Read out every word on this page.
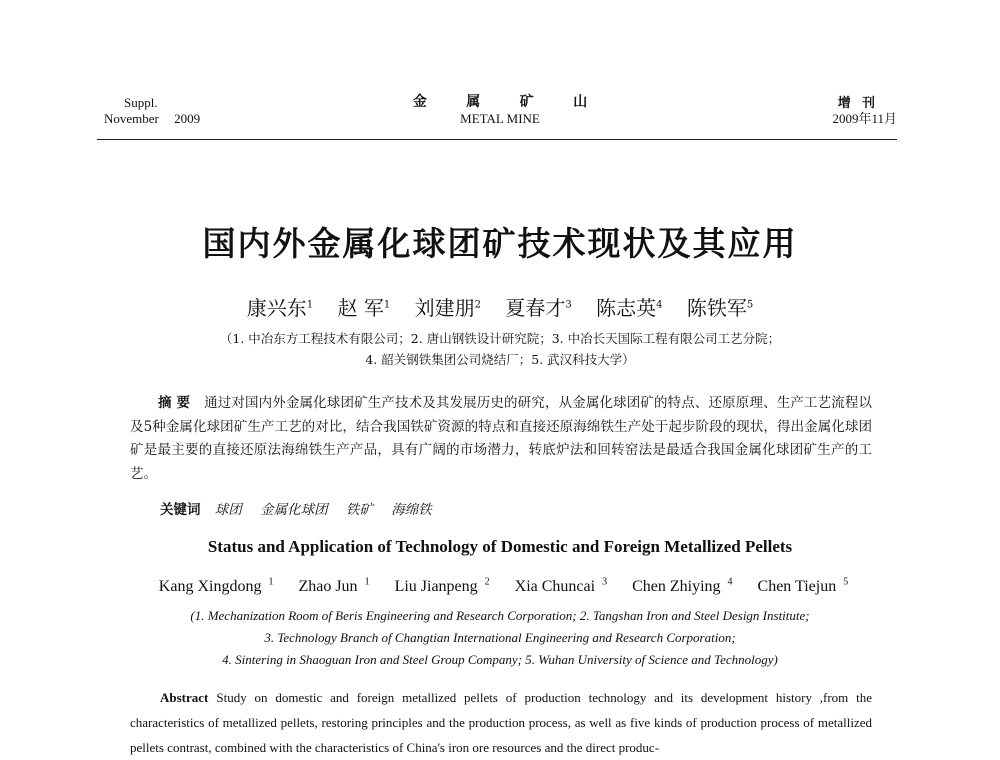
Suppl.
November 2009
金 属 矿 山
METAL MINE
增 刊
2009年11月
国内外金属化球团矿技术现状及其应用
康兴东$^1$ 赵 军$^1$ 刘建朋$^2$ 夏春才$^3$ 陈志英$^4$ 陈铁军$^5$
（1. 中冶东方工程技术有限公司；2. 唐山钢铁设计研究院；3. 中冶长天国际工程有限公司工艺分院；
4. 韶关钢铁集团公司烧结厂；5. 武汉科技大学）
摘 要 通过对国内外金属化球团矿生产技术及其发展历史的研究，从金属化球团矿的特点、还原原理、生产工艺流程以及5种金属化球团矿生产工艺的对比，结合我国铁矿资源的特点和直接还原海绵铁生产处于起步阶段的现状，得出金属化球团矿是最主要的直接还原法海绵铁生产产品，具有广阔的市场潜力，转底炉法和回转窑法是最适合我国金属化球团矿生产的工艺。
关键词 球团 金属化球团 铁矿 海绵铁
Status and Application of Technology of Domestic and Foreign Metallized Pellets
Kang Xingdong $^1$ Zhao Jun $^1$ Liu Jianpeng $^2$ Xia Chuncai $^3$ Chen Zhiying $^4$ Chen Tiejun $^5$
(1. Mechanization Room of Beris Engineering and Research Corporation; 2. Tangshan Iron and Steel Design Institute;
3. Technology Branch of Changtian International Engineering and Research Corporation;
4. Sintering in Shaoguan Iron and Steel Group Company; 5. Wuhan University of Science and Technology)
Abstract Study on domestic and foreign metallized pellets of production technology and its development history ,from the characteristics of metallized pellets, restoring principles and the production process, as well as five kinds of production process of metallized pellets contrast, combined with the characteristics of China's iron ore resources and the direct produc-
